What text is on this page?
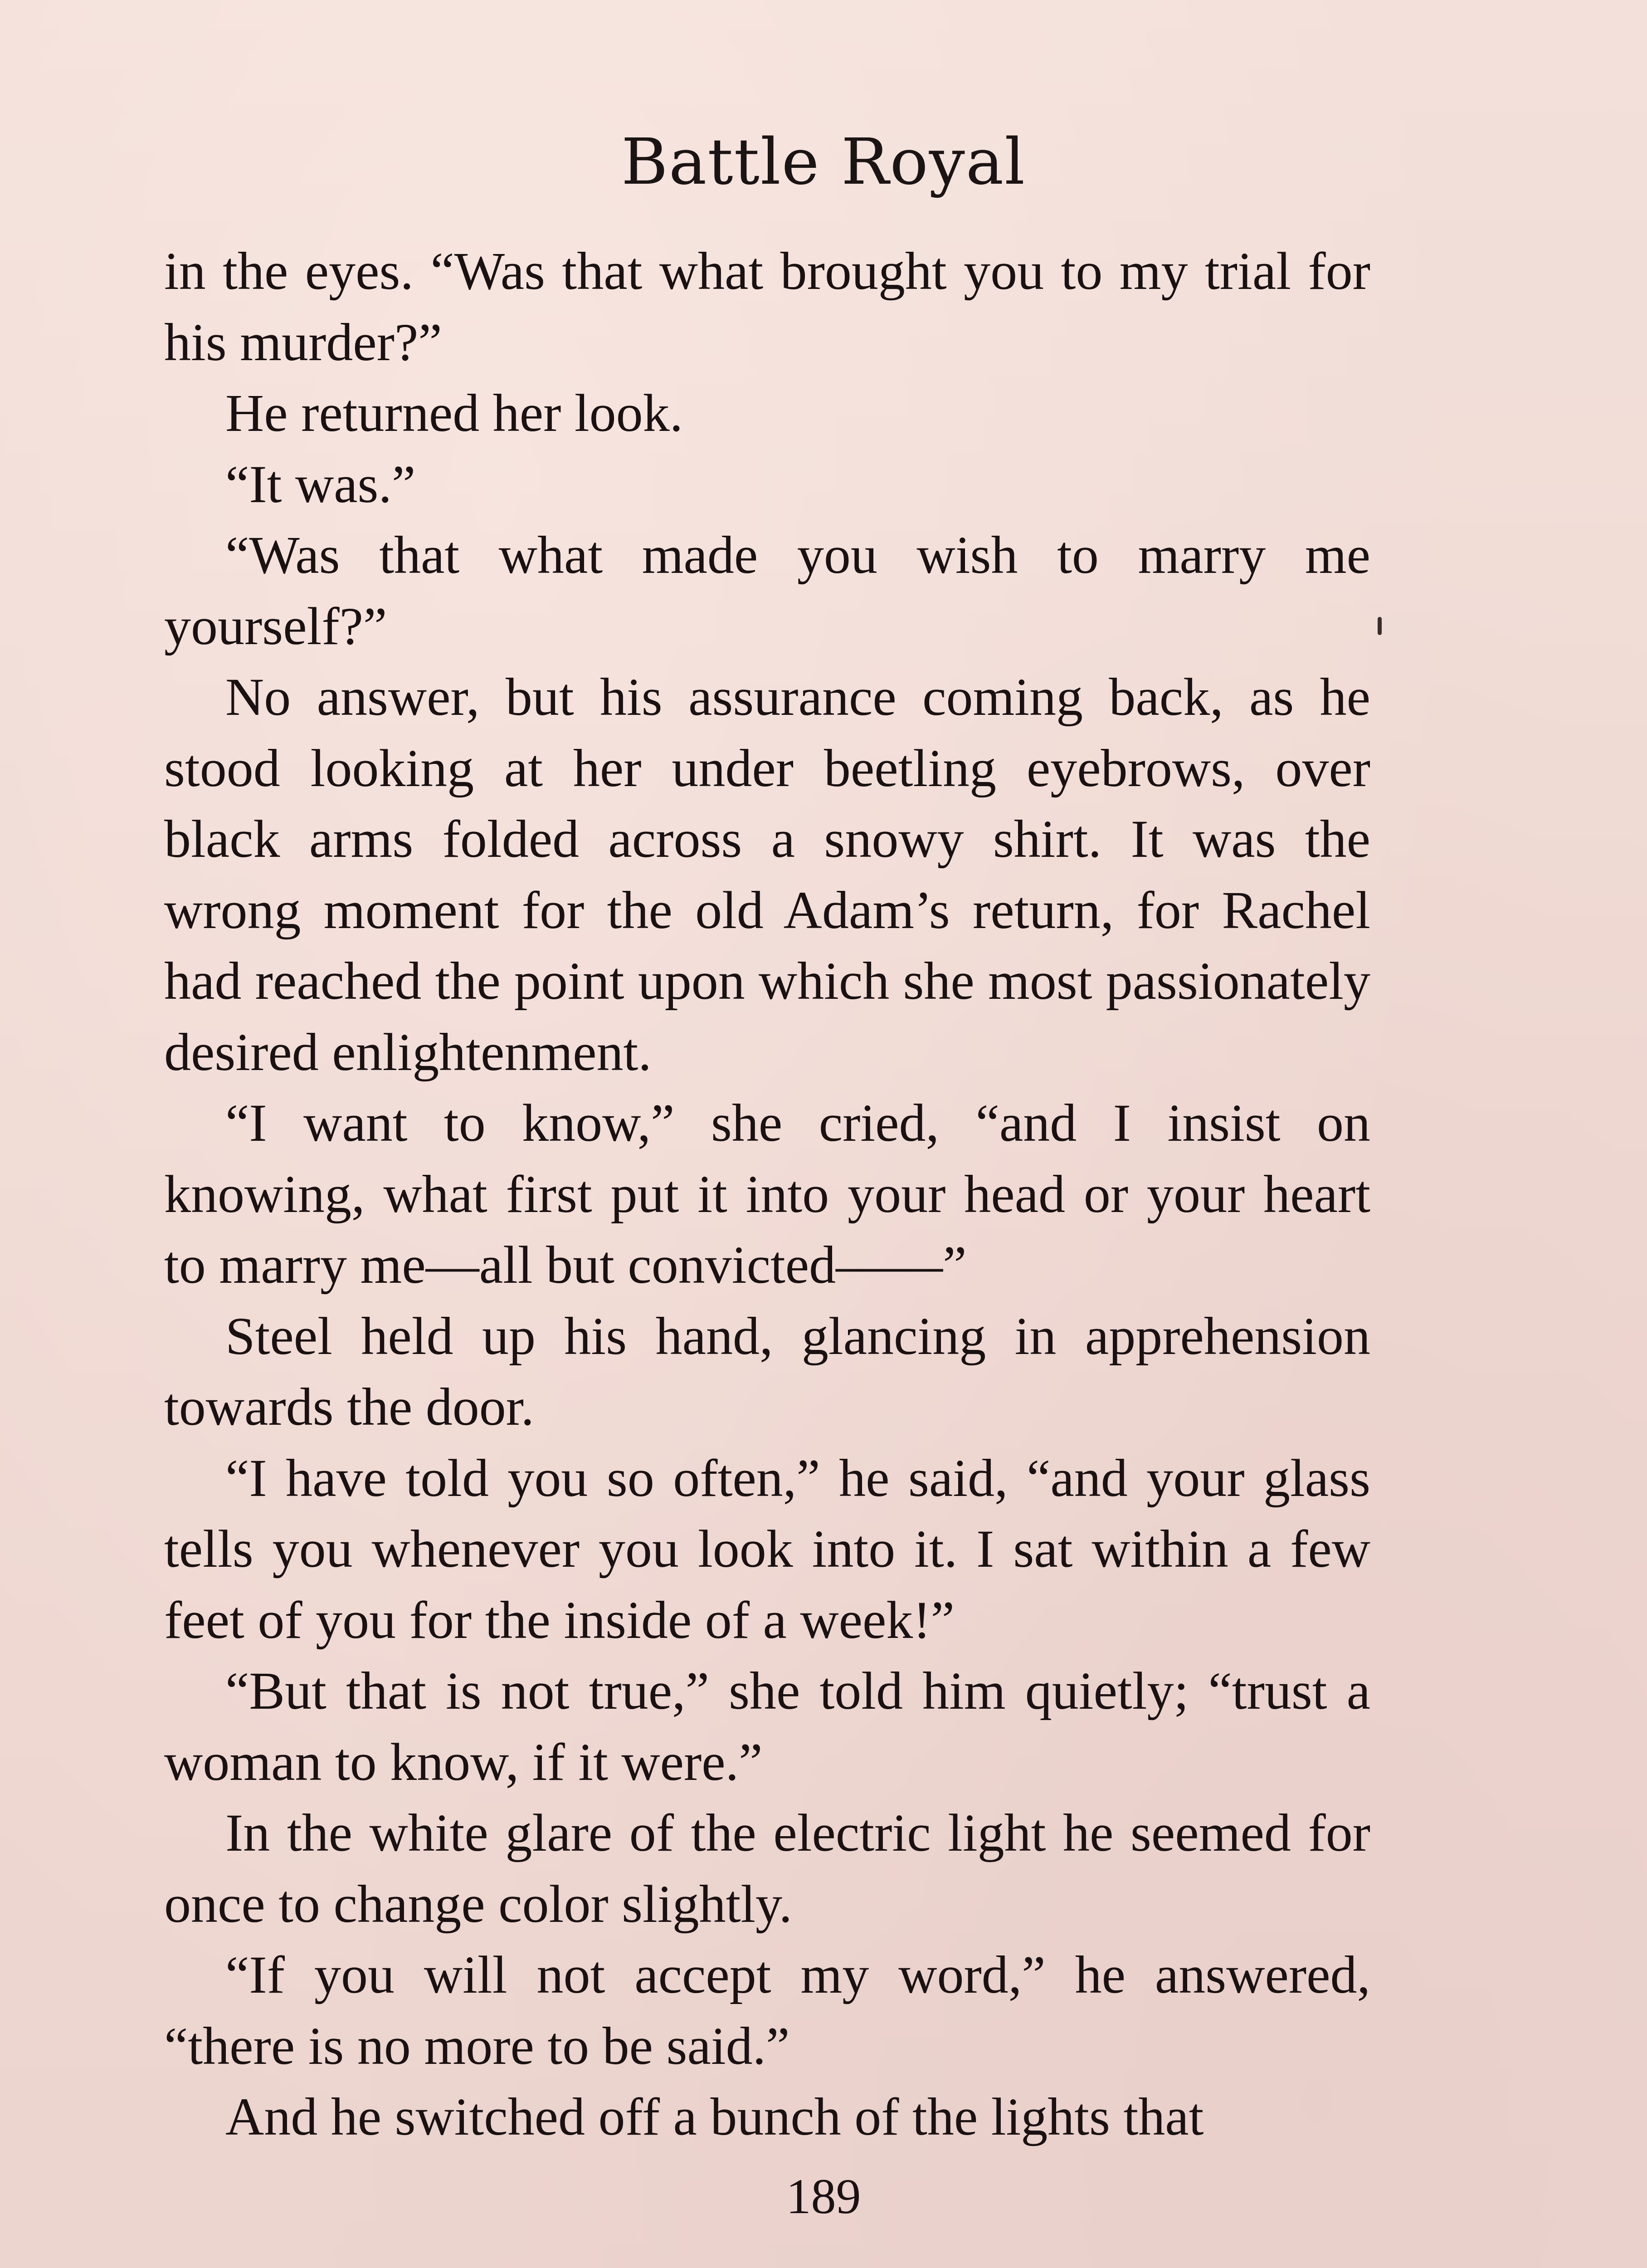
Battle Royal

in the eyes. “Was that what brought you to my trial for his murder?”

He returned her look.

“It was.”

“Was that what made you wish to marry me yourself?”

No answer, but his assurance coming back, as he stood looking at her under beetling eyebrows, over black arms folded across a snowy shirt. It was the wrong moment for the old Adam’s return, for Rachel had reached the point upon which she most passionately desired enlightenment.

“I want to know,” she cried, “and I insist on knowing, what first put it into your head or your heart to marry me—all but convicted——”

Steel held up his hand, glancing in apprehension towards the door.

“I have told you so often,” he said, “and your glass tells you whenever you look into it. I sat within a few feet of you for the inside of a week!”

“But that is not true,” she told him quietly; “trust a woman to know, if it were.”

In the white glare of the electric light he seemed for once to change color slightly.

“If you will not accept my word,” he answered, “there is no more to be said.”

And he switched off a bunch of the lights that

189
